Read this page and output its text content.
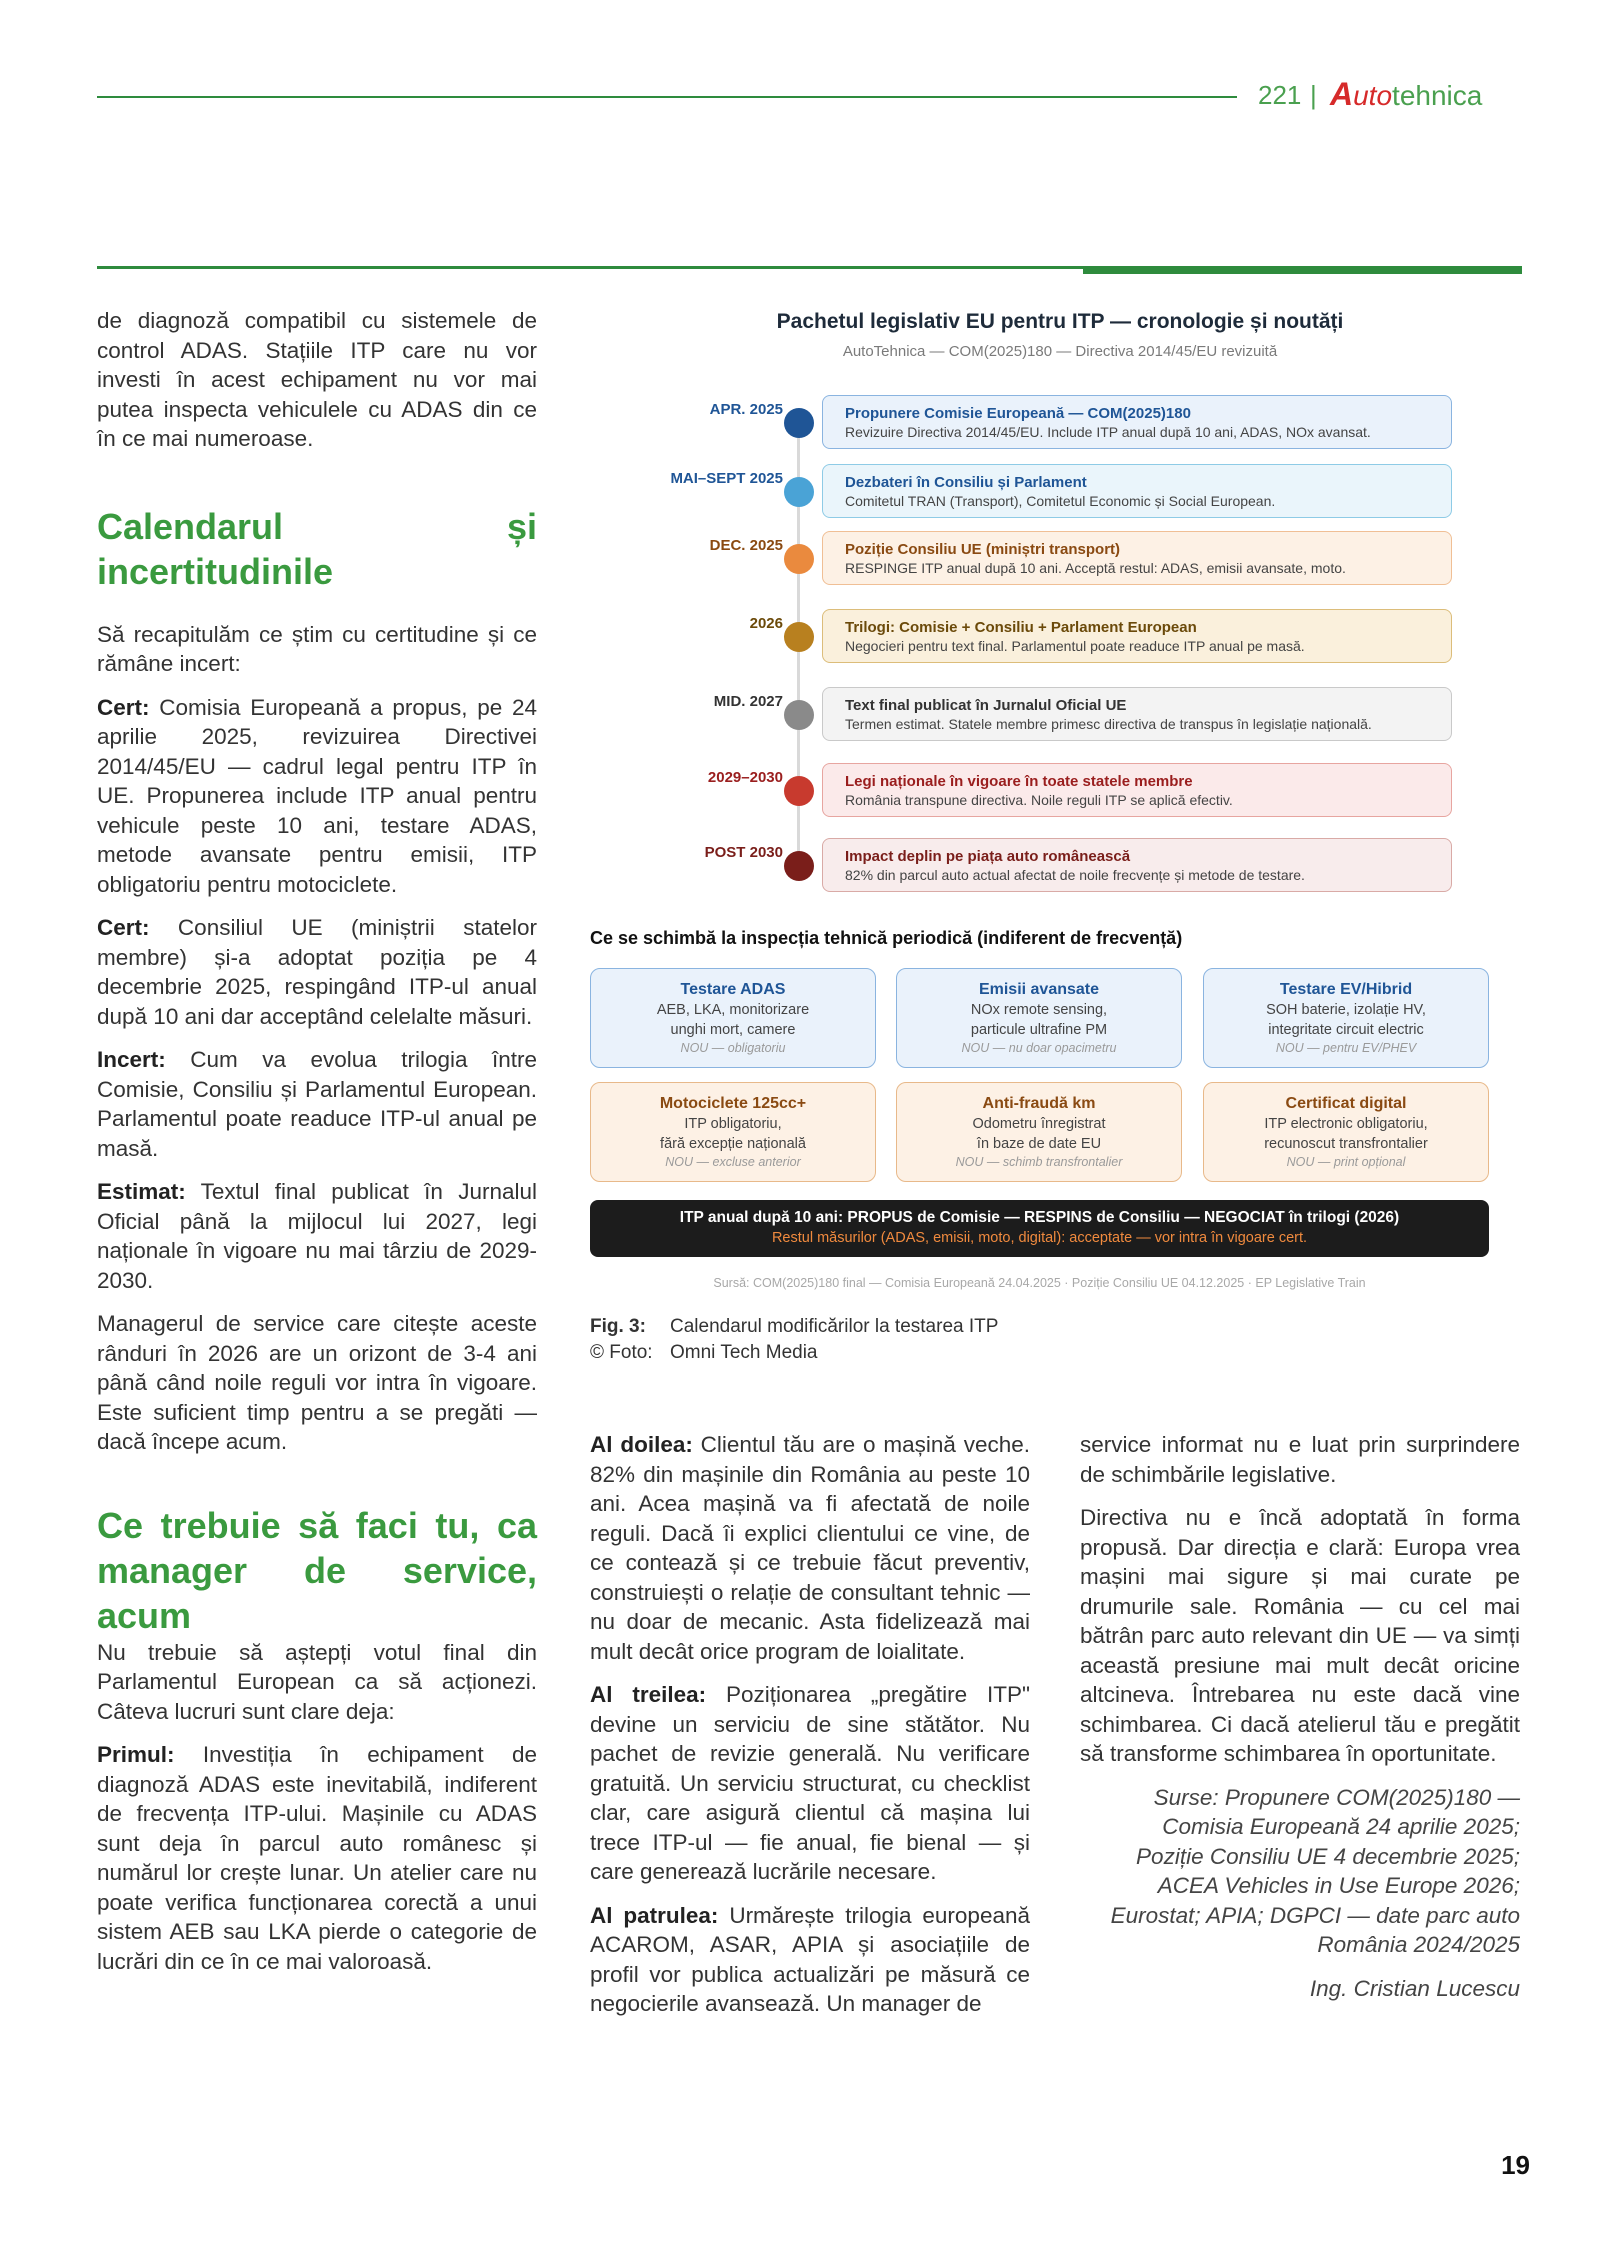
221 | Autotehnica

de diagnoză compatibil cu sistemele de control ADAS. Stațiile ITP care nu vor investi în acest echipament nu vor mai putea inspecta vehiculele cu ADAS din ce în ce mai numeroase.

Calendarul și incertitudinile

Să recapitulăm ce știm cu certitudine și ce rămâne incert:

Cert: Comisia Europeană a propus, pe 24 aprilie 2025, revizuirea Directivei 2014/45/EU — cadrul legal pentru ITP în UE. Propunerea include ITP anual pentru vehicule peste 10 ani, testare ADAS, metode avansate pentru emisii, ITP obligatoriu pentru motociclete.

Cert: Consiliul UE (miniștrii statelor membre) și-a adoptat poziția pe 4 decembrie 2025, respingând ITP-ul anual după 10 ani dar acceptând celelalte măsuri.

Incert: Cum va evolua trilogia între Comisie, Consiliu și Parlamentul European. Parlamentul poate readuce ITP-ul anual pe masă.

Estimat: Textul final publicat în Jurnalul Oficial până la mijlocul lui 2027, legi naționale în vigoare nu mai târziu de 2029-2030.

Managerul de service care citește aceste rânduri în 2026 are un orizont de 3-4 ani până când noile reguli vor intra în vigoare. Este suficient timp pentru a se pregăti — dacă începe acum.

Ce trebuie să faci tu, ca manager de service, acum

Nu trebuie să aștepți votul final din Parlamentul European ca să acționezi. Câteva lucruri sunt clare deja:

Primul: Investiția în echipament de diagnoză ADAS este inevitabilă, indiferent de frecvența ITP-ului. Mașinile cu ADAS sunt deja în parcul auto românesc și numărul lor crește lunar. Un atelier care nu poate verifica funcționarea corectă a unui sistem AEB sau LKA pierde o categorie de lucrări din ce în ce mai valoroasă.

Pachetul legislativ EU pentru ITP — cronologie și noutăți
AutoTehnica — COM(2025)180 — Directiva 2014/45/EU revizuită
APR. 2025	Propunere Comisie Europeană — COM(2025)180
Revizuire Directiva 2014/45/EU. Include ITP anual după 10 ani, ADAS, NOx avansat.
MAI–SEPT 2025	Dezbateri în Consiliu și Parlament
Comitetul TRAN (Transport), Comitetul Economic și Social European.
DEC. 2025	Poziție Consiliu UE (miniștri transport)
RESPINGE ITP anual după 10 ani. Acceptă restul: ADAS, emisii avansate, moto.
2026	Trilogi: Comisie + Consiliu + Parlament European
Negocieri pentru text final. Parlamentul poate readuce ITP anual pe masă.
MID. 2027	Text final publicat în Jurnalul Oficial UE
Termen estimat. Statele membre primesc directiva de transpus în legislație națională.
2029–2030	Legi naționale în vigoare în toate statele membre
România transpune directiva. Noile reguli ITP se aplică efectiv.
POST 2030	Impact deplin pe piața auto românească
82% din parcul auto actual afectat de noile frecvențe și metode de testare.
Ce se schimbă la inspecția tehnică periodică (indiferent de frecvență)
Testare ADAS
AEB, LKA, monitorizare
unghi mort, camere
NOU — obligatoriu
Emisii avansate
NOx remote sensing,
particule ultrafine PM
NOU — nu doar opacimetru
Testare EV/Hibrid
SOH baterie, izolație HV,
integritate circuit electric
NOU — pentru EV/PHEV
Motociclete 125cc+
ITP obligatoriu,
fără excepție națională
NOU — excluse anterior
Anti-fraudă km
Odometru înregistrat
în baze de date EU
NOU — schimb transfrontalier
Certificat digital
ITP electronic obligatoriu,
recunoscut transfrontalier
NOU — print opțional
ITP anual după 10 ani: PROPUS de Comisie — RESPINS de Consiliu — NEGOCIAT în trilogi (2026)
Restul măsurilor (ADAS, emisii, moto, digital): acceptate — vor intra în vigoare cert.
Sursă: COM(2025)180 final — Comisia Europeană 24.04.2025 · Poziție Consiliu UE 04.12.2025 · EP Legislative Train
Fig. 3: Calendarul modificărilor la testarea ITP
© Foto: Omni Tech Media

Al doilea: Clientul tău are o mașină veche. 82% din mașinile din România au peste 10 ani. Acea mașină va fi afectată de noile reguli. Dacă îi explici clientului ce vine, de ce contează și ce trebuie făcut preventiv, construiești o relație de consultant tehnic — nu doar de mecanic. Asta fidelizează mai mult decât orice program de loialitate.

Al treilea: Poziționarea „pregătire ITP" devine un serviciu de sine stătător. Nu pachet de revizie generală. Nu verificare gratuită. Un serviciu structurat, cu checklist clar, care asigură clientul că mașina lui trece ITP-ul — fie anual, fie bienal — și care generează lucrările necesare.

Al patrulea: Urmărește trilogia europeană ACAROM, ASAR, APIA și asociațiile de profil vor publica actualizări pe măsură ce negocierile avansează. Un manager de

service informat nu e luat prin surprindere de schimbările legislative.

Directiva nu e încă adoptată în forma propusă. Dar direcția e clară: Europa vrea mașini mai sigure și mai curate pe drumurile sale. România — cu cel mai bătrân parc auto relevant din UE — va simți această presiune mai mult decât oricine altcineva. Întrebarea nu este dacă vine schimbarea. Ci dacă atelierul tău e pregătit să transforme schimbarea în oportunitate.

Surse: Propunere COM(2025)180 — Comisia Europeană 24 aprilie 2025; Poziție Consiliu UE 4 decembrie 2025; ACEA Vehicles in Use Europe 2026; Eurostat; APIA; DGPCI — date parc auto România 2024/2025

Ing. Cristian Lucescu

19
